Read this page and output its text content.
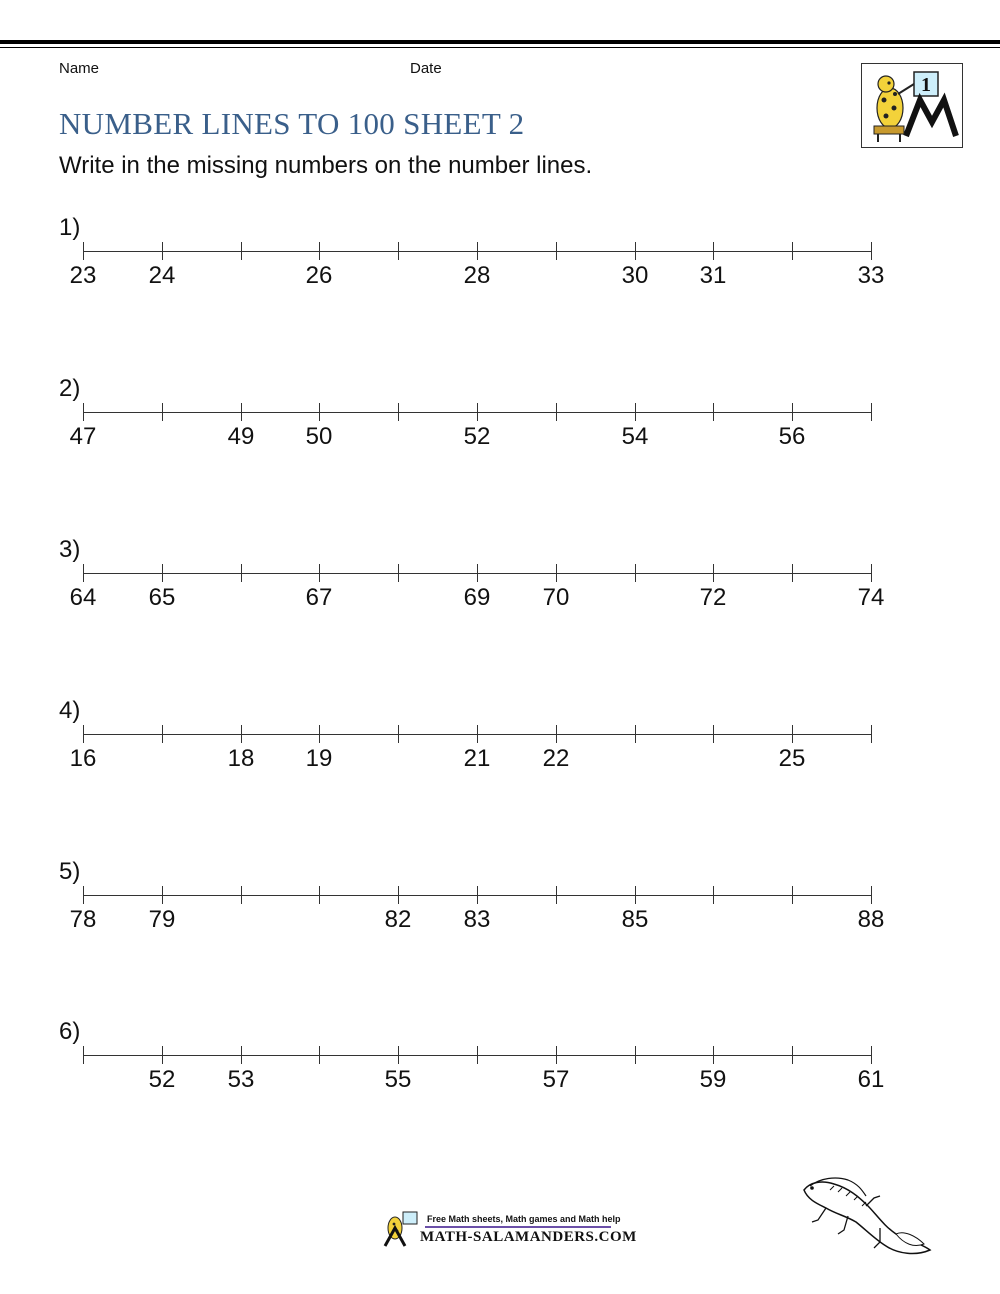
Name	Date
NUMBER LINES TO 100 SHEET 2
Write in the missing numbers on the number lines.
1
1)
23 24	26	28	30 31	33
2)
47	49 50	52	54	56
3)
64 65	67	69 70	72	74
4)
16	18 19	21 22	25
5)
78 79	82 83	85	88
6)
52 53	55	57	59	61
Free Math sheets, Math games and Math help
MATH-SALAMANDERS.COM
